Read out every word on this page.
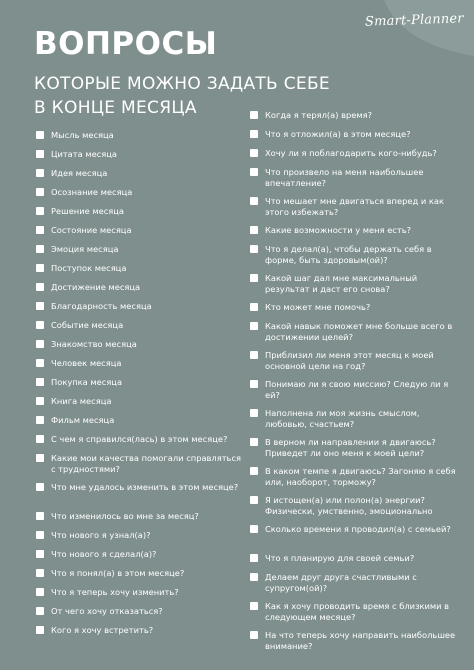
Smart-Planner
ВОПРОСЫ
КОТОРЫЕ МОЖНО ЗАДАТЬ СЕБЕ
В КОНЦЕ МЕСЯЦА
Мысль месяца
Цитата месяца
Идея месяца
Осознание месяца
Решение месяца
Состояние месяца
Эмоция месяца
Поступок месяца
Достижение месяца
Благодарность месяца
Событие месяца
Знакомство месяца
Человек месяца
Покупка месяца
Книга месяца
Фильм месяца
С чем я справился(лась) в этом месяце?
Какие мои качества помогали справляться с трудностями?
Что мне удалось изменить в этом месяце?
Что изменилось во мне за месяц?
Что нового я узнал(а)?
Что нового я сделал(а)?
Что я понял(а) в этом месяце?
Что я теперь хочу изменить?
От чего хочу отказаться?
Кого я хочу встретить?
Когда я терял(а) время?
Что я отложил(а) в этом месяце?
Хочу ли я поблагодарить кого-нибудь?
Что произвело на меня наибольшее впечатление?
Что мешает мне двигаться вперед и как этого избежать?
Какие возможности у меня есть?
Что я делал(а), чтобы держать себя в форме, быть здоровым(ой)?
Какой шаг дал мне максимальный результат и даст его снова?
Кто может мне помочь?
Какой навык поможет мне больше всего в достижении целей?
Приблизил ли меня этот месяц к моей основной цели на год?
Понимаю ли я свою миссию? Следую ли я ей?
Наполнена ли моя жизнь смыслом, любовью, счастьем?
В верном ли направлении я двигаюсь? Приведет ли оно меня к моей цели?
В каком темпе я двигаюсь? Загоняю я себя или, наоборот, торможу?
Я истощен(а) или полон(а) энергии? Физически, умственно, эмоционально
Сколько времени я проводил(а) с семьей?
Что я планирую для своей семьи?
Делаем друг друга счастливыми с супругом(ой)?
Как я хочу проводить время с близкими в следующем месяце?
На что теперь хочу направить наибольшее внимание?
